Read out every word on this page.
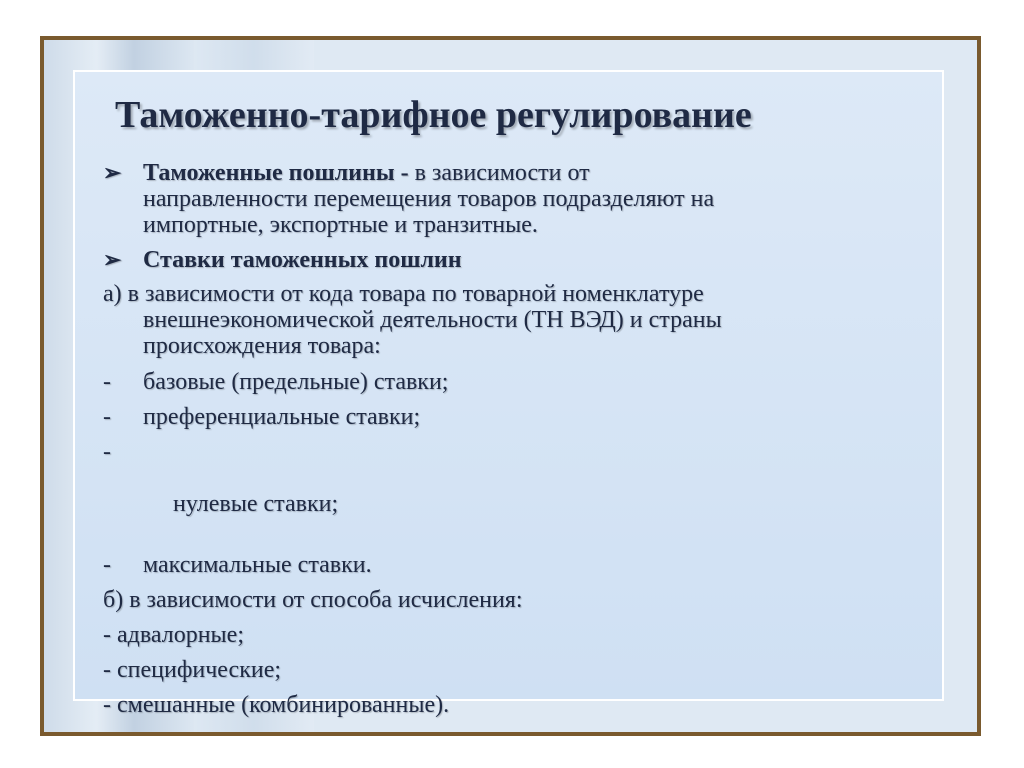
Таможенно-тарифное регулирование
➢ Таможенные пошлины - в зависимости от
направленности перемещения товаров подразделяют на
импортные, экспортные и транзитные.
➢ Ставки таможенных пошлин
а) в зависимости от кода товара по товарной номенклатуре
внешнеэкономической деятельности (ТН ВЭД) и страны
происхождения товара:
- базовые (предельные) ставки;
- преференциальные ставки;

-

нулевые ставки;

- максимальные ставки.
б) в зависимости от способа исчисления:
- адвалорные;
- специфические;
- смешанные (комбинированные).
